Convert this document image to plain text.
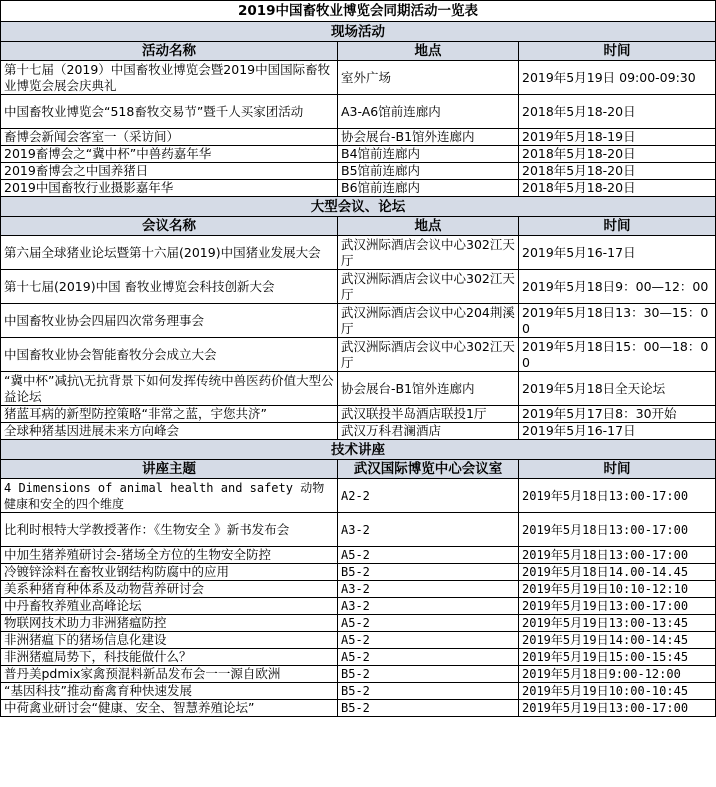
2019中国畜牧业博览会同期活动一览表		
现场活动		
活动名称	地点	时间
第十七届（2019）中国畜牧业博览会暨2019中国国际畜牧业博览会展会庆典礼	室外广场	2019年5月19日 09:00-09:30
中国畜牧业博览会“518畜牧交易节”暨千人买家团活动	A3-A6馆前连廊内	2018年5月18-20日
畜博会新闻会客室一（采访间）	协会展台-B1馆外连廊内	2019年5月18-19日
2019畜博会之“冀中杯”中兽药嘉年华	B4馆前连廊内	2018年5月18-20日
2019畜博会之中国养猪日	B5馆前连廊内	2018年5月18-20日
2019中国畜牧行业摄影嘉年华	B6馆前连廊内	2018年5月18-20日
大型会议、论坛		
会议名称	地点	时间
第六届全球猪业论坛暨第十六届(2019)中国猪业发展大会	武汉洲际酒店会议中心302江天厅	2019年5月16-17日
第十七届(2019)中国 畜牧业博览会科技创新大会	武汉洲际酒店会议中心302江天厅	2019年5月18日9：00—12：00
中国畜牧业协会四届四次常务理事会	武汉洲际酒店会议中心204荆溪厅	2019年5月18日13：30—15：00
中国畜牧业协会智能畜牧分会成立大会	武汉洲际酒店会议中心302江天厅	2019年5月18日15：00—18：00
“冀中杯”减抗\无抗背景下如何发挥传统中兽医药价值大型公益论坛	协会展台-B1馆外连廊内	2019年5月18日全天论坛
猪蓝耳病的新型防控策略“非常之蓝，宇您共济”	武汉联投半岛酒店联投1厅	2019年5月17日8：30开始
全球种猪基因进展未来方向峰会	武汉万科君澜酒店	2019年5月16-17日
技术讲座		
讲座主题	武汉国际博览中心会议室	时间
4 Dimensions of animal health and safety 动物健康和安全的四个维度	A2-2	2019年5月18日13:00-17:00
比利时根特大学教授著作：《生物安全 》新书发布会	A3-2	2019年5月18日13:00-17:00
中加生猪养殖研讨会-猪场全方位的生物安全防控	A5-2	2019年5月18日13:00-17:00
冷镀锌涂料在畜牧业钢结构防腐中的应用	B5-2	2019年5月18日14.00-14.45
美系种猪育种体系及动物营养研讨会	A3-2	2019年5月19日10:10-12:10
中丹畜牧养殖业高峰论坛	A3-2	2019年5月19日13:00-17:00
物联网技术助力非洲猪瘟防控	A5-2	2019年5月19日13:00-13:45
非洲猪瘟下的猪场信息化建设	A5-2	2019年5月19日14:00-14:45
非洲猪瘟局势下，科技能做什么？	A5-2	2019年5月19日15:00-15:45
普丹美pdmix家禽预混料新品发布会一一源自欧洲	B5-2	2019年5月18日9:00-12:00
“基因科技”推动畜禽育种快速发展	B5-2	2019年5月19日10:00-10:45
中荷禽业研讨会“健康、安全、智慧养殖论坛”	B5-2	2019年5月19日13:00-17:00
